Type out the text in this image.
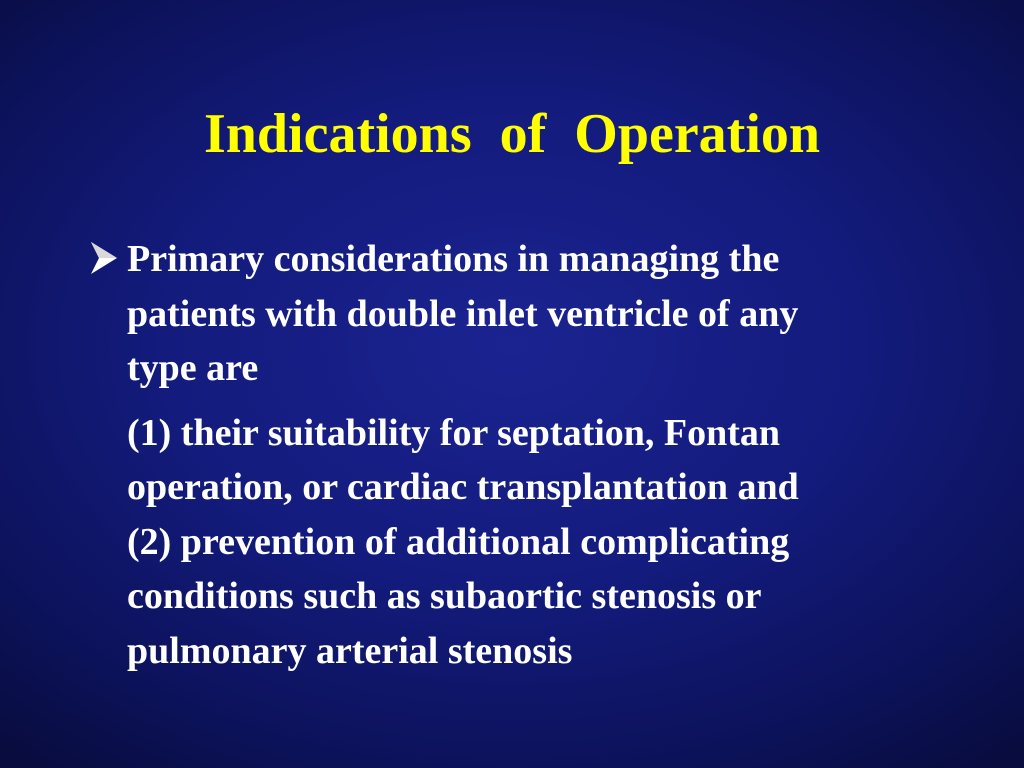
Indications  of  Operation

Primary considerations in managing the
patients with double inlet ventricle of any
type are

(1) their suitability for septation, Fontan
operation, or cardiac transplantation and
(2) prevention of additional complicating
conditions such as subaortic stenosis or
pulmonary arterial stenosis
